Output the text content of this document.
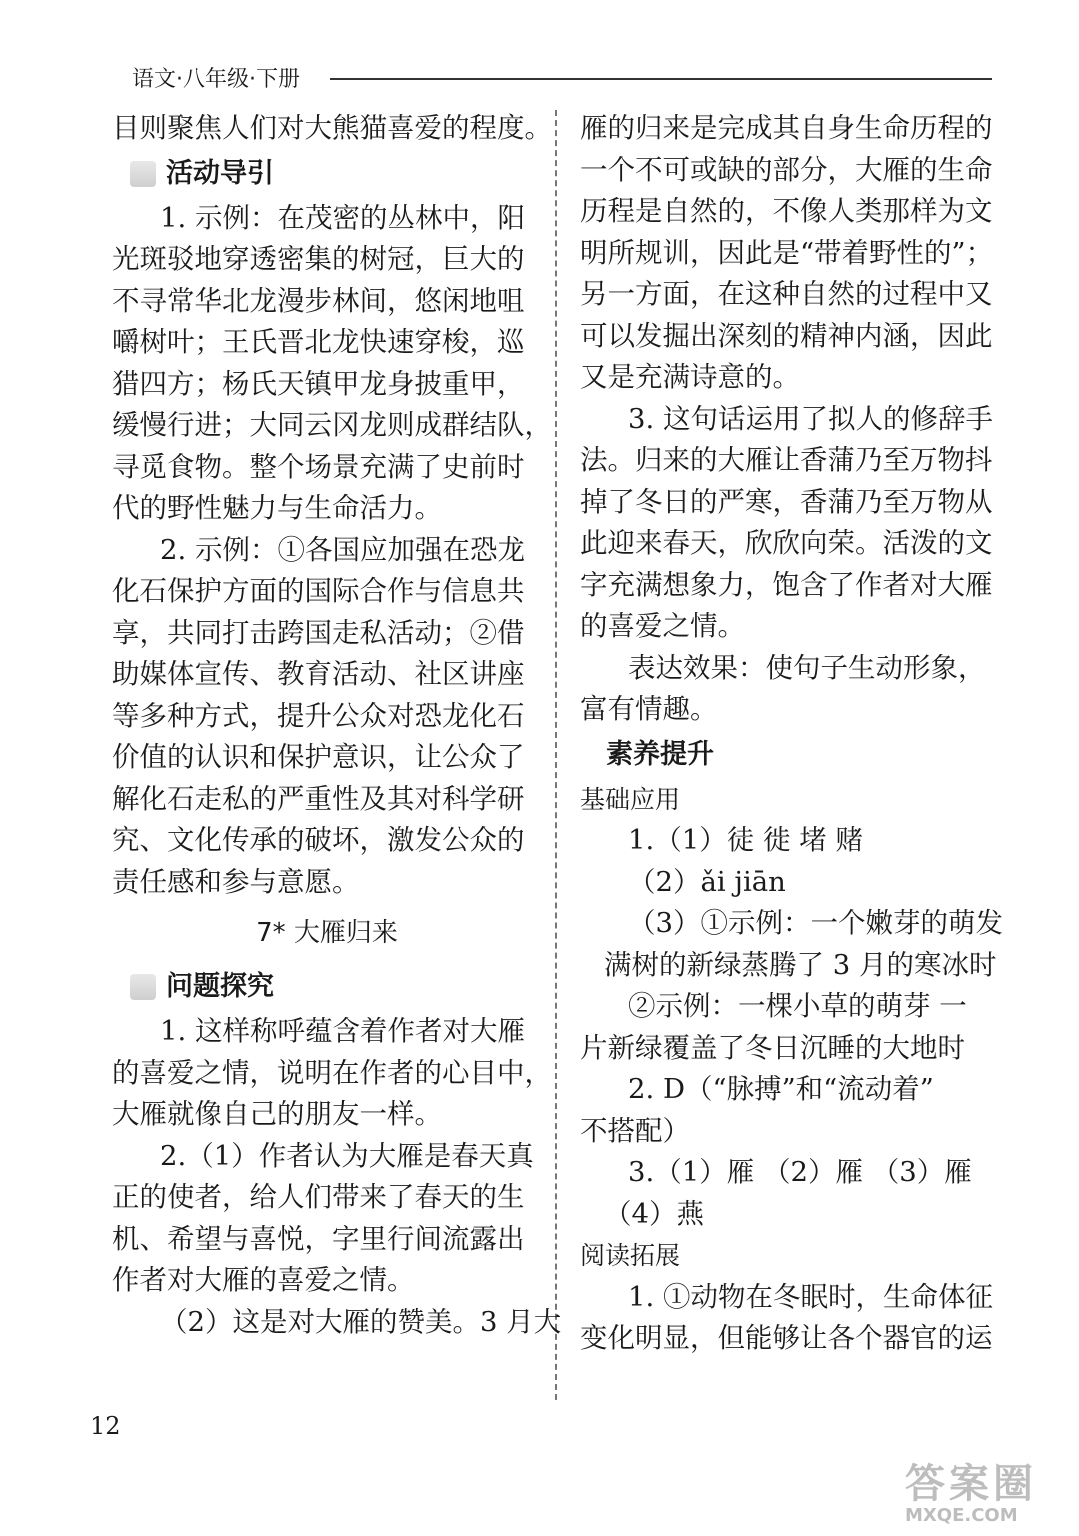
语文·八年级·下册
目则聚焦人们对大熊猫喜爱的程度。
活动导引
1. 示例：在茂密的丛林中，阳
光斑驳地穿透密集的树冠，巨大的
不寻常华北龙漫步林间，悠闲地咀
嚼树叶；王氏晋北龙快速穿梭，巡
猎四方；杨氏天镇甲龙身披重甲，
缓慢行进；大同云冈龙则成群结队，
寻觅食物。整个场景充满了史前时
代的野性魅力与生命活力。
2. 示例：①各国应加强在恐龙
化石保护方面的国际合作与信息共
享，共同打击跨国走私活动；②借
助媒体宣传、教育活动、社区讲座
等多种方式，提升公众对恐龙化石
价值的认识和保护意识，让公众了
解化石走私的严重性及其对科学研
究、文化传承的破坏，激发公众的
责任感和参与意愿。
7* 大雁归来
问题探究
1. 这样称呼蕴含着作者对大雁
的喜爱之情，说明在作者的心目中，
大雁就像自己的朋友一样。
2.（1）作者认为大雁是春天真
正的使者，给人们带来了春天的生
机、希望与喜悦，字里行间流露出
作者对大雁的喜爱之情。
（2）这是对大雁的赞美。3 月大
雁的归来是完成其自身生命历程的
一个不可或缺的部分，大雁的生命
历程是自然的，不像人类那样为文
明所规训，因此是“带着野性的”；
另一方面，在这种自然的过程中又
可以发掘出深刻的精神内涵，因此
又是充满诗意的。
3. 这句话运用了拟人的修辞手
法。归来的大雁让香蒲乃至万物抖
掉了冬日的严寒，香蒲乃至万物从
此迎来春天，欣欣向荣。活泼的文
字充满想象力，饱含了作者对大雁
的喜爱之情。
表达效果：使句子生动形象，
富有情趣。
素养提升
基础应用
1.（1）徒 徙 堵 赌
（2）ǎi jiān
（3）①示例：一个嫩芽的萌发
满树的新绿蒸腾了 3 月的寒冰时
②示例：一棵小草的萌芽 一
片新绿覆盖了冬日沉睡的大地时
2. D（“脉搏”和“流动着”
不搭配）
3.（1）雁 （2）雁 （3）雁
（4）燕
阅读拓展
1. ①动物在冬眠时，生命体征
变化明显，但能够让各个器官的运
12
答案圈
MXQE.COM
